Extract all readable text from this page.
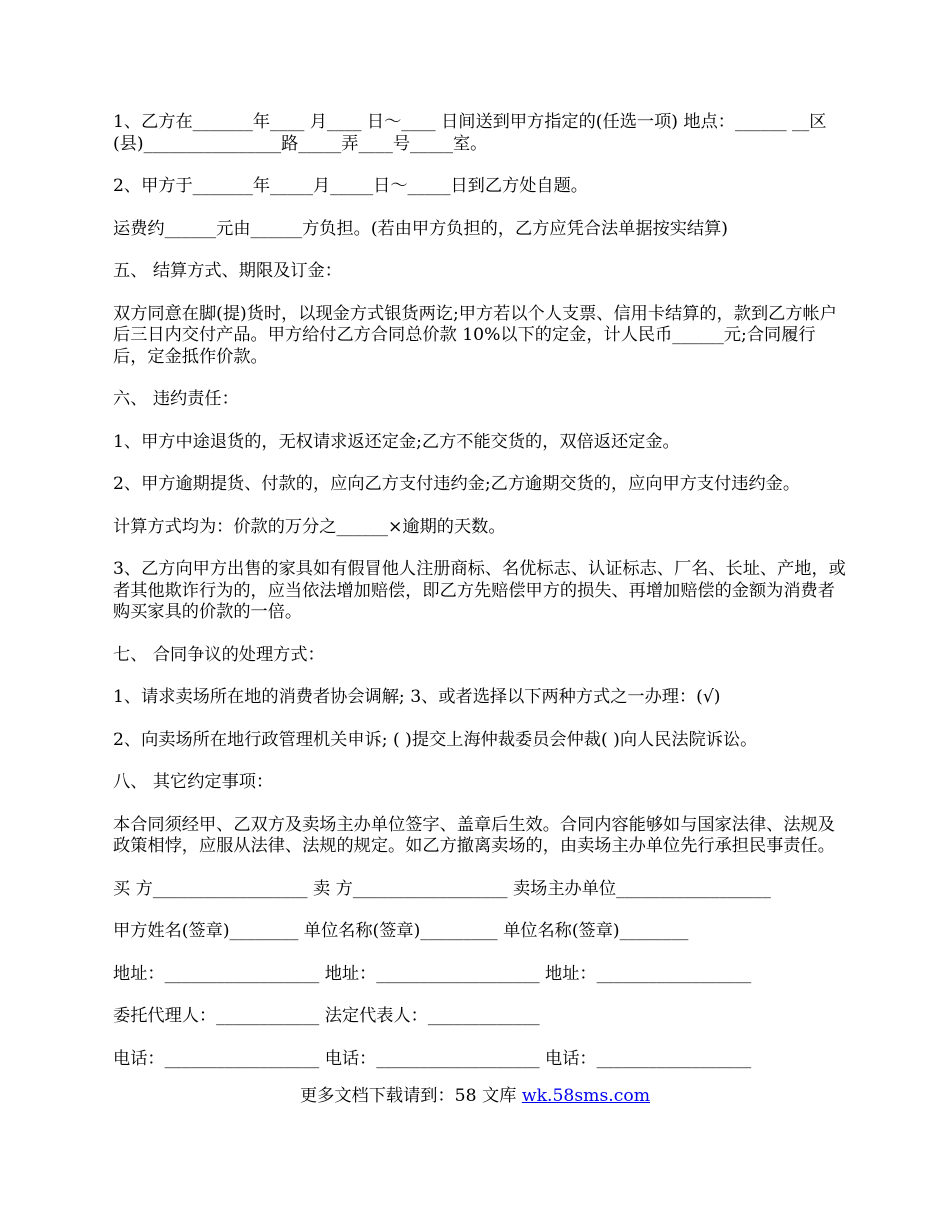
1、乙方在_______年____ 月____ 日～____ 日间送到甲方指定的(任选一项) 地点：______ __区(县)________________路_____弄____号_____室。

2、甲方于_______年_____月_____日～_____日到乙方处自题。

运费约______元由______方负担。(若由甲方负担的，乙方应凭合法单据按实结算)

五、 结算方式、期限及订金：

双方同意在脚(提)货时，以现金方式银货两讫;甲方若以个人支票、信用卡结算的，款到乙方帐户后三日内交付产品。甲方给付乙方合同总价款 10%以下的定金，计人民币______元;合同履行后，定金抵作价款。

六、 违约责任：

1、甲方中途退货的，无权请求返还定金;乙方不能交货的，双倍返还定金。

2、甲方逾期提货、付款的，应向乙方支付违约金;乙方逾期交货的，应向甲方支付违约金。

计算方式均为：价款的万分之______×逾期的天数。

3、乙方向甲方出售的家具如有假冒他人注册商标、名优标志、认证标志、厂名、长址、产地，或者其他欺诈行为的，应当依法增加赔偿，即乙方先赔偿甲方的损失、再增加赔偿的金额为消费者购买家具的价款的一倍。

七、 合同争议的处理方式：

1、请求卖场所在地的消费者协会调解; 3、或者选择以下两种方式之一办理：(√)

2、向卖场所在地行政管理机关申诉; ( )提交上海仲裁委员会仲裁( )向人民法院诉讼。

八、 其它约定事项：

本合同须经甲、乙双方及卖场主办单位签字、盖章后生效。合同内容能够如与国家法律、法规及政策相悖，应服从法律、法规的规定。如乙方撤离卖场的，由卖场主办单位先行承担民事责任。

买 方__________________ 卖 方__________________ 卖场主办单位__________________

甲方姓名(签章)________ 单位名称(签章)_________ 单位名称(签章)________

地址：__________________ 地址：___________________ 地址：__________________

委托代理人：____________ 法定代表人：_____________

电话：__________________ 电话：___________________ 电话：__________________

更多文档下载请到：58 文库 wk.58sms.com
